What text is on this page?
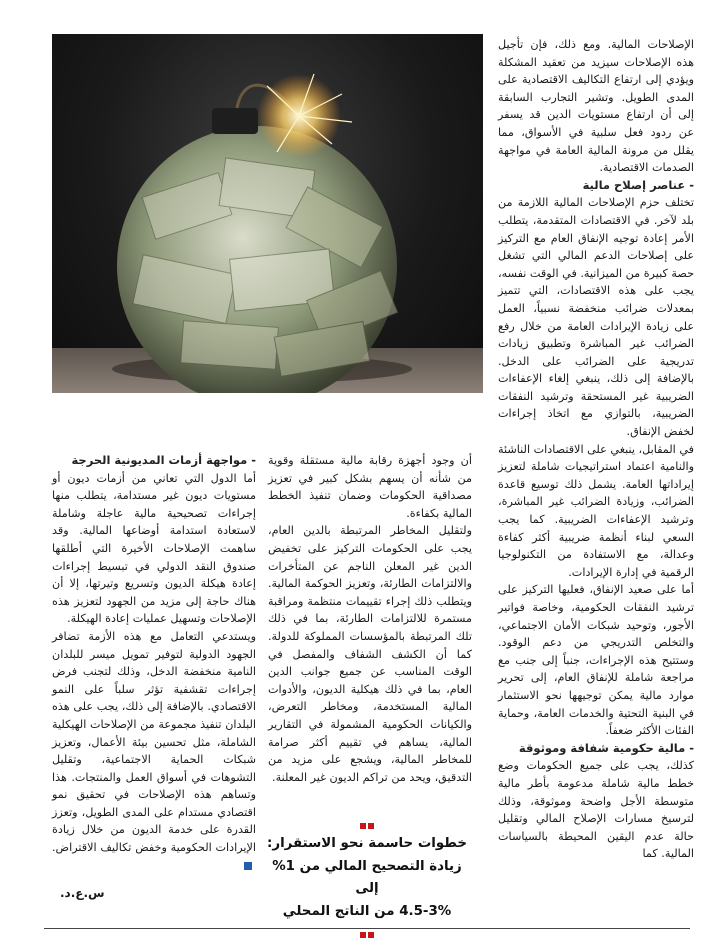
الإصلاحات المالية. ومع ذلك، فإن تأجيل هذه الإصلاحات سيزيد من تعقيد المشكلة ويؤدي إلى ارتفاع التكاليف الاقتصادية على المدى الطويل. وتشير التجارب السابقة إلى أن ارتفاع مستويات الدين قد يسفر عن ردود فعل سلبية في الأسواق، مما يقلل من مرونة المالية العامة في مواجهة الصدمات الاقتصادية.

- عناصر إصلاح مالية

تختلف حزم الإصلاحات المالية اللازمة من بلد لآخر. في الاقتصادات المتقدمة، يتطلب الأمر إعادة توجيه الإنفاق العام مع التركيز على إصلاحات الدعم المالي التي تشغل حصة كبيرة من الميزانية. في الوقت نفسه، يجب على هذه الاقتصادات، التي تتميز بمعدلات ضرائب منخفضة نسبياً، العمل على زيادة الإيرادات العامة من خلال رفع الضرائب غير المباشرة وتطبيق زيادات تدريجية على الضرائب على الدخل. بالإضافة إلى ذلك، ينبغي إلغاء الإعفاءات الضريبية غير المستحقة وترشيد النفقات الضريبية، بالتوازي مع اتخاذ إجراءات لخفض الإنفاق.

في المقابل، ينبغي على الاقتصادات الناشئة والنامية اعتماد استراتيجيات شاملة لتعزيز إيراداتها العامة. يشمل ذلك توسيع قاعدة الضرائب، وزيادة الضرائب غير المباشرة، وترشيد الإعفاءات الضريبية. كما يجب السعي لبناء أنظمة ضريبية أكثر كفاءة وعدالة، مع الاستفادة من التكنولوجيا الرقمية في إدارة الإيرادات.

أما على صعيد الإنفاق، فعليها التركيز على ترشيد النفقات الحكومية، وخاصة فواتير الأجور، وتوحيد شبكات الأمان الاجتماعي، والتخلص التدريجي من دعم الوقود. وستتيح هذه الإجراءات، جنباً إلى جنب مع مراجعة شاملة للإنفاق العام، إلى تحرير موارد مالية يمكن توجيهها نحو الاستثمار في البنية التحتية والخدمات العامة، وحماية الفئات الأكثر ضعفاً.

- مالية حكومية شفافة وموثوقة

كذلك، يجب على جميع الحكومات وضع خطط مالية شاملة مدعومة بأطر مالية متوسطة الأجل واضحة وموثوقة، وذلك لترسيخ مسارات الإصلاح المالي وتقليل حالة عدم اليقين المحيطة بالسياسات المالية. كما

أن وجود أجهزة رقابة مالية مستقلة وقوية من شأنه أن يسهم بشكل كبير في تعزيز مصداقية الحكومات وضمان تنفيذ الخطط المالية بكفاءة.

ولتقليل المخاطر المرتبطة بالدين العام، يجب على الحكومات التركيز على تخفيض الدين غير المعلن الناجم عن المتأخرات والالتزامات الطارئة، وتعزيز الحوكمة المالية. ويتطلب ذلك إجراء تقييمات منتظمة ومراقبة مستمرة للالتزامات الطارئة، بما في ذلك تلك المرتبطة بالمؤسسات المملوكة للدولة. كما أن الكشف الشفاف والمفصل في الوقت المناسب عن جميع جوانب الدين العام، بما في ذلك هيكلية الديون، والأدوات المالية المستخدمة، ومخاطر التعرض، والكيانات الحكومية المشمولة في التقارير المالية، يساهم في تقييم أكثر صرامة للمخاطر المالية، ويشجع على مزيد من التدقيق، ويحد من تراكم الديون غير المعلنة.

خطوات حاسمة نحو الاستقرار:
زيادة التصحيح المالي من 1% إلى
4.5-3% من الناتج المحلي

- مواجهة أزمات المديونية الحرجة

أما الدول التي تعاني من أزمات ديون أو مستويات ديون غير مستدامة، يتطلب منها إجراءات تصحيحية مالية عاجلة وشاملة لاستعادة استدامة أوضاعها المالية. وقد ساهمت الإصلاحات الأخيرة التي أطلقها صندوق النقد الدولي في تبسيط إجراءات إعادة هيكلة الديون وتسريع وتيرتها، إلا أن هناك حاجة إلى مزيد من الجهود لتعزيز هذه الإصلاحات وتسهيل عمليات إعادة الهيكلة.

ويستدعي التعامل مع هذه الأزمة تضافر الجهود الدولية لتوفير تمويل ميسر للبلدان النامية منخفضة الدخل، وذلك لتجنب فرض إجراءات تقشفية تؤثر سلباً على النمو الاقتصادي. بالإضافة إلى ذلك، يجب على هذه البلدان تنفيذ مجموعة من الإصلاحات الهيكلية الشاملة، مثل تحسين بيئة الأعمال، وتعزيز شبكات الحماية الاجتماعية، وتقليل التشوهات في أسواق العمل والمنتجات. هذا وتساهم هذه الإصلاحات في تحقيق نمو اقتصادي مستدام على المدى الطويل، وتعزز القدرة على خدمة الديون من خلال زيادة الإيرادات الحكومية وخفض تكاليف الاقتراض.

س.ع.د.
